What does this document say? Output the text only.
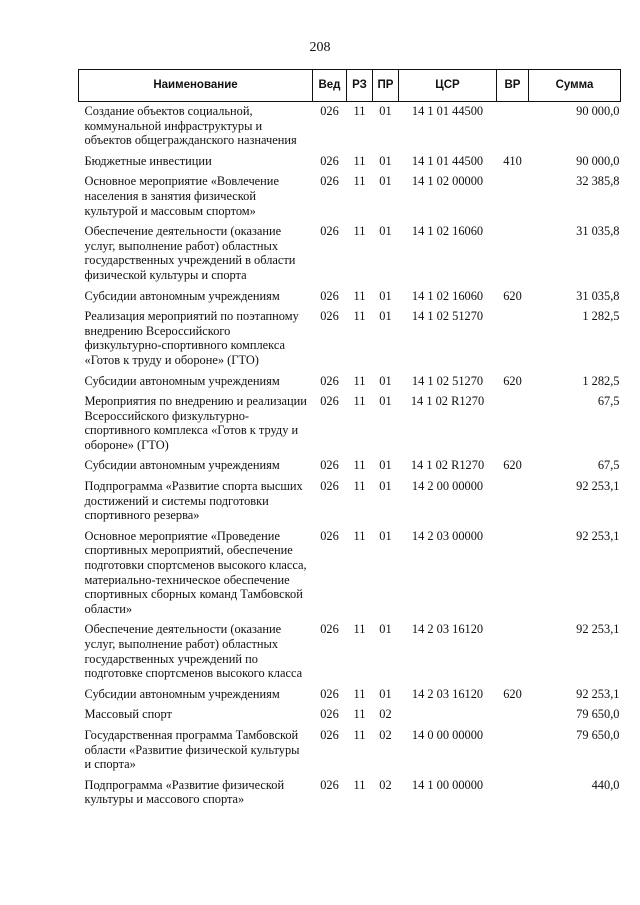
208
Наименование	Вед	РЗ	ПР	ЦСР	ВР	Сумма
Создание объектов социальной, коммунальной инфраструктуры и объектов общегражданского назначения	026	11	01	14 1 01 44500		90 000,0
Бюджетные инвестиции	026	11	01	14 1 01 44500	410	90 000,0
Основное мероприятие «Вовлечение населения в занятия физической культурой и массовым спортом»	026	11	01	14 1 02 00000		32 385,8
Обеспечение деятельности (оказание услуг, выполнение работ) областных государственных учреждений в области физической культуры и спорта	026	11	01	14 1 02 16060		31 035,8
Субсидии автономным учреждениям	026	11	01	14 1 02 16060	620	31 035,8
Реализация мероприятий по поэтапному внедрению Всероссийского физкультурно-спортивного комплекса «Готов к труду и обороне» (ГТО)	026	11	01	14 1 02 51270		1 282,5
Субсидии автономным учреждениям	026	11	01	14 1 02 51270	620	1 282,5
Мероприятия по внедрению и реализации Всероссийского физкультурно-спортивного комплекса «Готов к труду и обороне» (ГТО)	026	11	01	14 1 02 R1270		67,5
Субсидии автономным учреждениям	026	11	01	14 1 02 R1270	620	67,5
Подпрограмма «Развитие спорта высших достижений и системы подготовки спортивного резерва»	026	11	01	14 2 00 00000		92 253,1
Основное мероприятие «Проведение спортивных мероприятий, обеспечение подготовки спортсменов высокого класса, материально-техническое обеспечение спортивных сборных команд Тамбовской области»	026	11	01	14 2 03 00000		92 253,1
Обеспечение деятельности (оказание услуг, выполнение работ) областных государственных учреждений по подготовке спортсменов высокого класса	026	11	01	14 2 03 16120		92 253,1
Субсидии автономным учреждениям	026	11	01	14 2 03 16120	620	92 253,1
Массовый спорт	026	11	02			79 650,0
Государственная программа Тамбовской области «Развитие физической культуры и спорта»	026	11	02	14 0 00 00000		79 650,0
Подпрограмма «Развитие физической культуры и массового спорта»	026	11	02	14 1 00 00000		440,0
